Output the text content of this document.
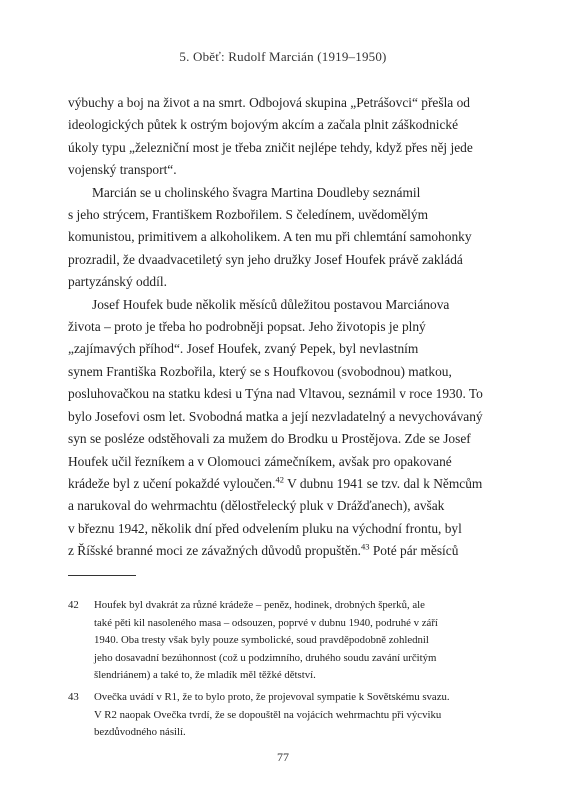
5. Oběť: Rudolf Marcián (1919–1950)
výbuchy a boj na život a na smrt. Odbojová skupina „Petrášovci“ přešla od
ideologických půtek k ostrým bojovým akcím a začala plnit záškodnické
úkoly typu „železniční most je třeba zničit nejlépe tehdy, když přes něj jede
vojenský transport“.
Marcián se u cholinského švagra Martina Doudleby seznámil
s jeho strýcem, Františkem Rozbořilem. S čeledínem, uvědomělým
komunistou, primitivem a alkoholikem. A ten mu při chlemtání samohonky
prozradil, že dvaadvacetiletý syn jeho družky Josef Houfek právě zakládá
partyzánský oddíl.
Josef Houfek bude několik měsíců důležitou postavou Marciánova
života – proto je třeba ho podrobněji popsat. Jeho životopis je plný
„zajímavých příhod“. Josef Houfek, zvaný Pepek, byl nevlastním
synem Františka Rozbořila, který se s Houfkovou (svobodnou) matkou,
posluhovačkou na statku kdesi u Týna nad Vltavou, seznámil v roce 1930. To
bylo Josefovi osm let. Svobodná matka a její nezvladatelný a nevychovávaný
syn se posléze odstěhovali za mužem do Brodku u Prostějova. Zde se Josef
Houfek učil řezníkem a v Olomouci zámečníkem, avšak pro opakované
krádeže byl z učení pokaždé vyloučen.$^{42}$ V dubnu 1941 se tzv. dal k Němcům
a narukoval do wehrmachtu (dělostřelecký pluk v Drážďanech), avšak
v březnu 1942, několik dní před odvelením pluku na východní frontu, byl
z Říšské branné moci ze závažných důvodů propuštěn.$^{43}$ Poté pár měsíců
42	Houfek byl dvakrát za různé krádeže – peněz, hodinek, drobných šperků, ale
také pěti kil nasoleného masa – odsouzen, poprvé v dubnu 1940, podruhé v září
1940. Oba tresty však byly pouze symbolické, soud pravděpodobně zohlednil
jeho dosavadní bezúhonnost (což u podzimního, druhého soudu zavání určitým
šlendriánem) a také to, že mladík měl těžké dětství.
43	Ovečka uvádí v R1, že to bylo proto, že projevoval sympatie k Sovětskému svazu.
V R2 naopak Ovečka tvrdí, že se dopouštěl na vojácích wehrmachtu při výcviku
bezdůvodného násilí.
77
